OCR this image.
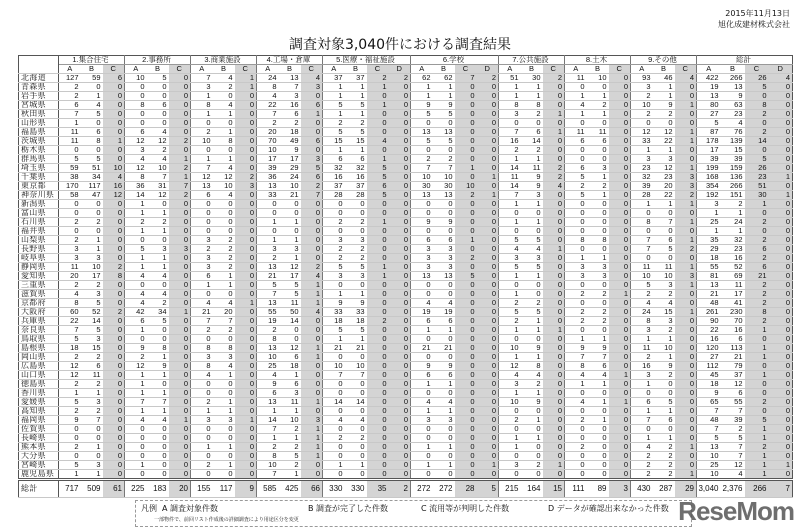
2015年11月13日
旭化成建材株式会社
調査対象3,040件における調査結果
	1.集合住宅			2.事務所			3.商業施設			4.工場・倉庫			5.医療・福祉施設				6.学校				7.公共施設			8.土木			9.その他			総計			
	A	B	C	A	B	C	A	B	C	A	B	C	A	B	C	D	A	B	C	D	A	B	C	A	B	C	A	B	C	A	B	C	D
北海道	127	59	6	10	5	0	7	4	1	24	13	4	37	37	2	2	62	62	7	2	51	30	2	11	10	0	93	46	4	422	266	26	4
青森県	2	0	0	0	0	0	3	2	1	8	7	3	1	1	1	0	1	1	0	0	1	1	0	0	0	0	3	1	0	19	13	5	0
岩手県	2	1	0	0	0	0	1	0	0	4	3	0	1	1	0	0	1	1	0	0	1	1	0	1	1	0	2	1	0	13	9	0	0
宮城県	6	4	0	8	6	0	8	4	0	22	16	6	5	5	1	0	9	9	0	0	8	8	0	4	2	0	10	9	1	80	63	8	0
秋田県	7	5	0	0	0	0	1	1	0	7	6	1	1	1	0	0	5	5	0	0	3	2	1	1	1	0	2	2	0	27	23	2	0
山形県	1	0	0	0	0	0	0	0	0	2	2	0	2	2	0	0	0	0	0	0	0	0	0	0	0	0	0	0	0	5	4	0	0
福島県	11	6	0	6	4	0	2	1	0	20	18	0	5	5	0	0	13	13	0	0	7	6	1	11	11	0	12	12	1	87	76	2	0
茨城県	11	8	1	12	12	2	10	8	0	70	49	6	15	15	4	0	5	5	0	0	16	14	0	6	6	0	33	22	1	178	139	14	0
栃木県	0	0	0	3	2	0	0	0	0	10	9	0	1	1	0	0	0	0	0	0	2	2	0	0	0	0	1	1	0	17	15	0	0
群馬県	5	5	0	4	4	1	1	1	0	17	17	3	6	6	1	0	2	2	0	0	1	1	0	0	0	0	3	3	0	39	39	5	0
埼玉県	59	51	10	12	10	2	7	4	0	39	29	5	32	32	5	0	7	7	1	0	14	11	2	6	3	0	23	12	1	199	159	26	0
千葉県	38	34	4	8	7	1	12	12	2	36	24	6	16	16	5	0	10	10	0	1	11	9	2	5	1	0	32	23	3	168	136	23	1
東京都	170	117	16	36	31	7	13	10	3	13	10	2	37	37	6	0	30	30	10	0	14	9	4	2	2	0	39	20	3	354	266	51	0
神奈川県	58	47	12	14	12	2	6	4	0	33	21	7	28	28	5	0	13	13	2	1	7	3	0	5	1	0	28	22	2	192	151	30	1
新潟県	0	0	0	1	0	0	0	0	0	0	0	0	0	0	0	0	0	0	0	0	1	1	0	0	0	0	1	1	1	3	2	1	0
富山県	0	0	0	1	1	0	0	0	0	0	0	0	0	0	0	0	0	0	0	0	0	0	0	0	0	0	0	0	0	1	1	0	0
石川県	2	2	0	2	2	0	0	0	0	1	1	0	2	2	1	0	9	9	0	0	1	1	0	0	0	0	8	7	1	25	24	2	0
福井県	0	0	0	1	1	0	0	0	0	0	0	0	0	0	0	0	0	0	0	0	0	0	0	0	0	0	0	0	0	1	1	0	0
山梨県	2	1	0	0	0	0	3	2	0	1	1	0	3	3	0	0	6	6	1	0	5	5	0	8	8	0	7	6	1	35	32	2	0
長野県	3	1	0	5	3	3	2	2	0	3	3	0	2	2	0	0	3	3	0	0	4	4	1	0	0	0	7	5	2	29	23	6	0
岐阜県	3	3	0	1	1	0	3	2	0	2	1	0	2	2	0	0	3	3	2	0	3	3	0	1	1	0	0	0	0	18	16	2	0
静岡県	11	10	2	1	1	0	3	2	0	13	12	2	5	5	1	0	3	3	0	0	5	5	0	3	3	0	11	11	1	55	52	6	0
愛知県	20	17	8	4	4	0	6	1	0	21	17	4	3	3	1	0	13	13	5	0	1	1	0	3	3	0	10	10	3	81	69	21	0
三重県	2	2	0	0	0	0	1	1	0	5	5	1	0	0	0	0	0	0	0	0	0	0	0	0	0	0	5	3	1	13	11	2	0
滋賀県	4	3	0	4	4	0	0	0	0	7	5	1	1	1	0	0	0	0	0	0	1	0	0	2	2	1	2	2	0	21	17	2	0
京都府	8	5	0	4	2	0	4	4	1	13	11	1	9	9	0	0	4	4	0	0	2	2	0	0	0	0	4	4	0	48	41	2	0
大阪府	60	52	2	42	34	1	21	20	0	55	50	4	33	33	0	0	19	19	0	0	5	5	0	2	2	0	24	15	1	261	230	8	0
兵庫県	22	14	0	6	5	0	7	7	0	19	14	0	18	18	2	0	6	6	0	0	2	1	0	2	2	0	8	3	0	90	70	2	0
奈良県	7	5	0	1	0	0	2	2	0	2	0	0	5	5	0	0	1	1	0	0	1	1	1	0	0	0	3	2	0	22	16	1	0
鳥取県	5	3	0	0	0	0	0	0	0	8	0	0	1	1	0	0	0	0	0	0	0	0	0	1	1	0	1	1	0	16	6	0	0
島根県	18	15	0	9	8	0	8	8	0	13	12	1	21	21	0	0	21	21	0	0	10	9	0	9	9	0	11	10	0	120	113	1	0
岡山県	2	2	0	2	1	0	3	3	0	10	6	1	0	0	0	0	0	0	0	0	1	1	0	7	7	0	2	1	0	27	21	1	0
広島県	12	6	0	12	9	0	8	4	0	25	18	0	10	10	0	0	9	9	0	0	12	8	0	8	6	0	16	9	0	112	79	0	0
山口県	12	11	0	1	1	0	4	1	0	4	1	0	7	7	0	0	6	6	0	0	4	4	0	4	4	1	3	2	0	45	37	1	0
徳島県	2	2	0	1	0	0	0	0	0	9	6	0	0	0	0	0	1	1	0	0	3	2	0	1	1	0	1	0	0	18	12	0	0
香川県	1	1	0	1	1	0	0	0	0	6	3	0	0	0	0	0	0	0	0	0	1	1	0	0	0	0	0	0	0	9	6	0	0
愛媛県	5	3	0	7	7	0	2	1	0	13	11	1	14	14	0	0	4	4	0	0	10	9	0	4	1	1	6	5	0	65	55	2	0
高知県	2	2	0	1	1	0	1	1	0	1	1	0	0	0	0	0	1	1	0	0	0	0	0	0	0	0	1	1	0	7	7	0	0
福岡県	9	7	0	4	4	1	3	3	1	14	10	3	4	4	0	0	3	3	0	0	2	1	0	2	1	0	7	6	0	48	39	5	0
佐賀県	0	0	0	0	0	0	0	0	0	7	2	1	0	0	0	0	0	0	0	0	0	0	0	0	0	0	0	0	0	7	2	1	0
長崎県	0	0	0	0	0	0	0	0	0	1	1	1	2	2	0	0	0	0	0	0	1	1	0	0	0	0	1	1	0	5	5	1	0
熊本県	2	1	0	0	0	0	1	1	0	2	2	1	0	0	0	0	1	1	0	0	1	0	0	2	0	0	4	2	1	13	7	2	0
大分県	0	0	0	0	0	0	0	0	0	8	5	1	0	0	0	0	0	0	0	0	0	0	0	0	0	0	2	2	0	10	7	1	0
宮崎県	5	3	0	1	0	0	2	1	0	10	2	0	1	1	0	0	1	1	0	1	3	2	1	0	0	0	2	2	0	25	12	1	1
鹿児島県	1	1	0	0	0	0	0	0	0	7	1	0	0	0	0	0	0	0	0	0	0	0	0	0	0	0	2	2	1	10	4	1	0
総計	717	509	61	225	183	20	155	117	9	585	425	66	330	330	35	2	272	272	28	5	215	164	15	111	89	3	430	287	29	3,040	2,376	266	7
凡例 A 調査対象件数	B 調査が完了した件数	C 流用等が判明した件数	D データが確認出来なかった件数
一部物件で、前回リスト作成後の詳細調査により用途区分を変更	ReseMom
